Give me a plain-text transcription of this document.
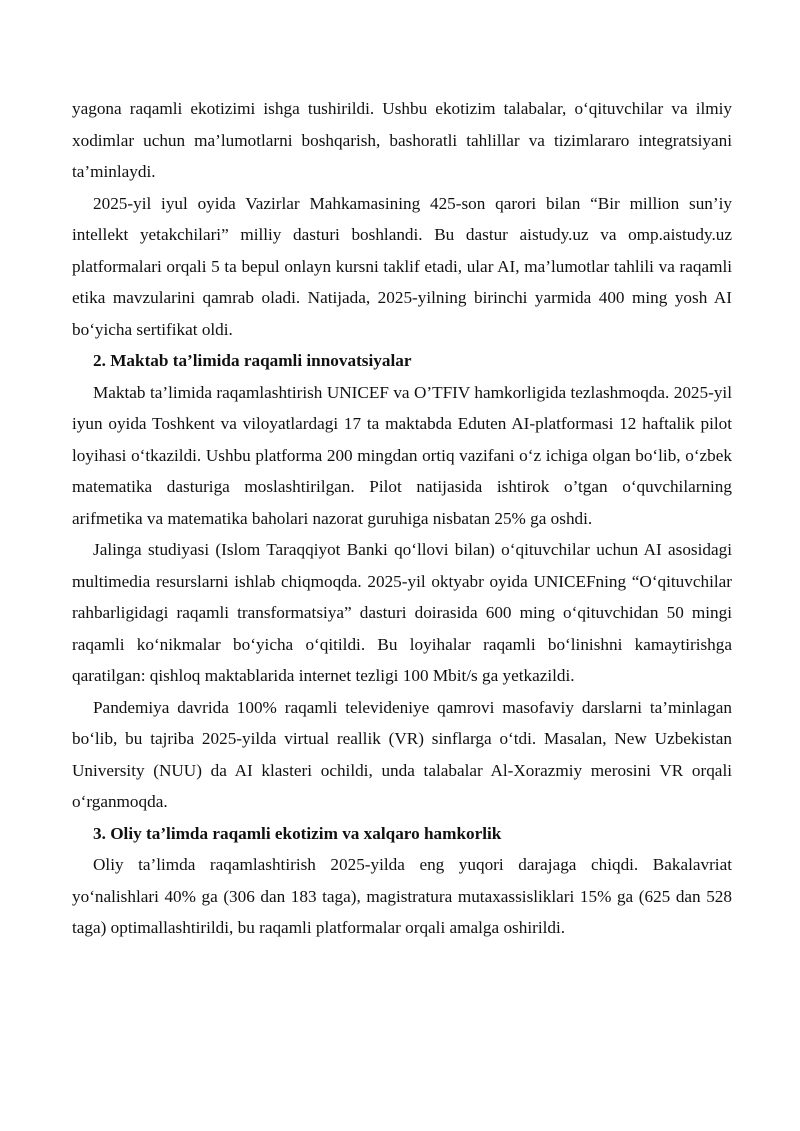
yagona raqamli ekotizimi ishga tushirildi. Ushbu ekotizim talabalar, o‘qituvchilar va ilmiy xodimlar uchun ma’lumotlarni boshqarish, bashoratli tahlillar va tizimlararo integratsiyani ta’minlaydi.

2025-yil iyul oyida Vazirlar Mahkamasining 425-son qarori bilan “Bir million sun’iy intellekt yetakchilari” milliy dasturi boshlandi. Bu dastur aistudy.uz va omp.aistudy.uz platformalari orqali 5 ta bepul onlayn kursni taklif etadi, ular AI, ma’lumotlar tahlili va raqamli etika mavzularini qamrab oladi. Natijada, 2025-yilning birinchi yarmida 400 ming yosh AI bo‘yicha sertifikat oldi.

2. Maktab ta’limida raqamli innovatsiyalar

Maktab ta’limida raqamlashtirish UNICEF va O’TFIV hamkorligida tezlashmoqda. 2025-yil iyun oyida Toshkent va viloyatlardagi 17 ta maktabda Eduten AI-platformasi 12 haftalik pilot loyihasi o‘tkazildi. Ushbu platforma 200 mingdan ortiq vazifani o‘z ichiga olgan bo‘lib, o‘zbek matematika dasturiga moslashtirilgan. Pilot natijasida ishtirok o’tgan o‘quvchilarning arifmetika va matematika baholari nazorat guruhiga nisbatan 25% ga oshdi.

Jalinga studiyasi (Islom Taraqqiyot Banki qo‘llovi bilan) o‘qituvchilar uchun AI asosidagi multimedia resurslarni ishlab chiqmoqda. 2025-yil oktyabr oyida UNICEFning “O‘qituvchilar rahbarligidagi raqamli transformatsiya” dasturi doirasida 600 ming o‘qituvchidan 50 mingi raqamli ko‘nikmalar bo‘yicha o‘qitildi. Bu loyihalar raqamli bo‘linishni kamaytirishga qaratilgan: qishloq maktablarida internet tezligi 100 Mbit/s ga yetkazildi.

Pandemiya davrida 100% raqamli televideniye qamrovi masofaviy darslarni ta’minlagan bo‘lib, bu tajriba 2025-yilda virtual reallik (VR) sinflarga o‘tdi. Masalan, New Uzbekistan University (NUU) da AI klasteri ochildi, unda talabalar Al-Xorazmiy merosini VR orqali o‘rganmoqda.

3. Oliy ta’limda raqamli ekotizim va xalqaro hamkorlik

Oliy ta’limda raqamlashtirish 2025-yilda eng yuqori darajaga chiqdi. Bakalavriat yo‘nalishlari 40% ga (306 dan 183 taga), magistratura mutaxassisliklari 15% ga (625 dan 528 taga) optimallashtirildi, bu raqamli platformalar orqali amalga oshirildi.
